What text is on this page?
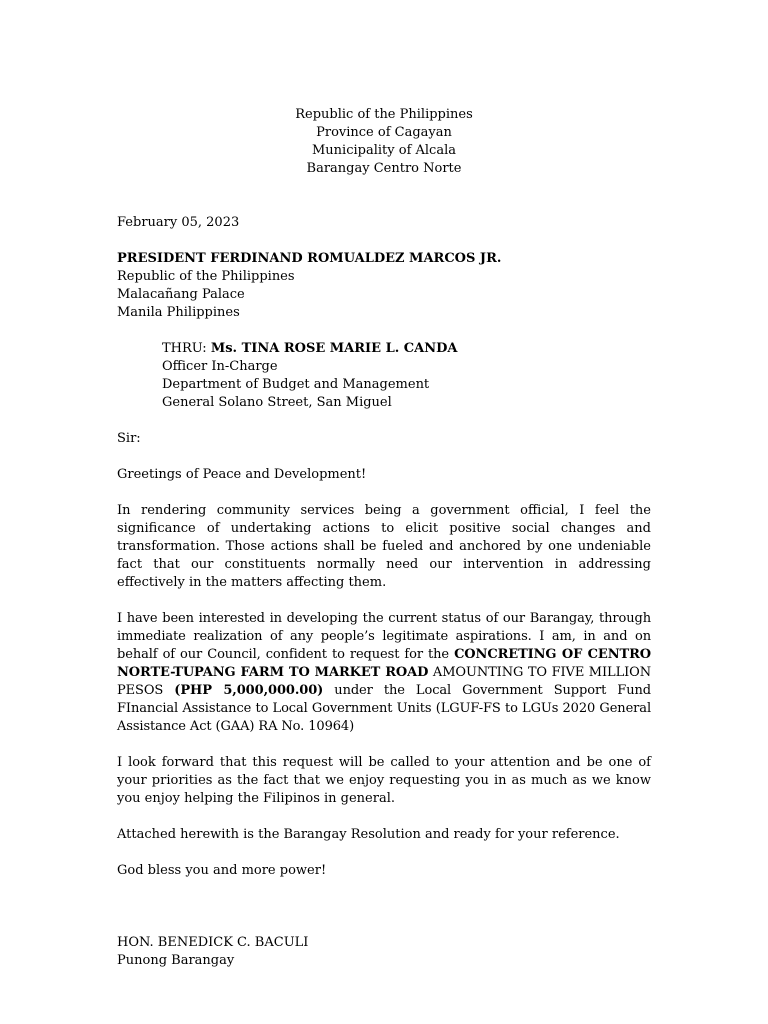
Republic of the Philippines
Province of Cagayan
Municipality of Alcala
Barangay Centro Norte
February 05, 2023
PRESIDENT FERDINAND ROMUALDEZ MARCOS JR.
Republic of the Philippines
Malacañang Palace
Manila Philippines
THRU: Ms. TINA ROSE MARIE L. CANDA
Officer In-Charge
Department of Budget and Management
General Solano Street, San Miguel
Sir:
Greetings of Peace and Development!
In rendering community services being a government official, I feel the significance of undertaking actions to elicit positive social changes and transformation. Those actions shall be fueled and anchored by one undeniable fact that our constituents normally need our intervention in addressing effectively in the matters affecting them.
I have been interested in developing the current status of our Barangay, through immediate realization of any people’s legitimate aspirations. I am, in and on behalf of our Council, confident to request for the CONCRETING OF CENTRO NORTE-TUPANG FARM TO MARKET ROAD AMOUNTING TO FIVE MILLION PESOS (PHP 5,000,000.00) under the Local Government Support Fund FInancial Assistance to Local Government Units (LGUF-FS to LGUs 2020 General Assistance Act (GAA) RA No. 10964)
I look forward that this request will be called to your attention and be one of your priorities as the fact that we enjoy requesting you in as much as we know you enjoy helping the Filipinos in general.
Attached herewith is the Barangay Resolution and ready for your reference.
God bless you and more power!
HON. BENEDICK C. BACULI
Punong Barangay
